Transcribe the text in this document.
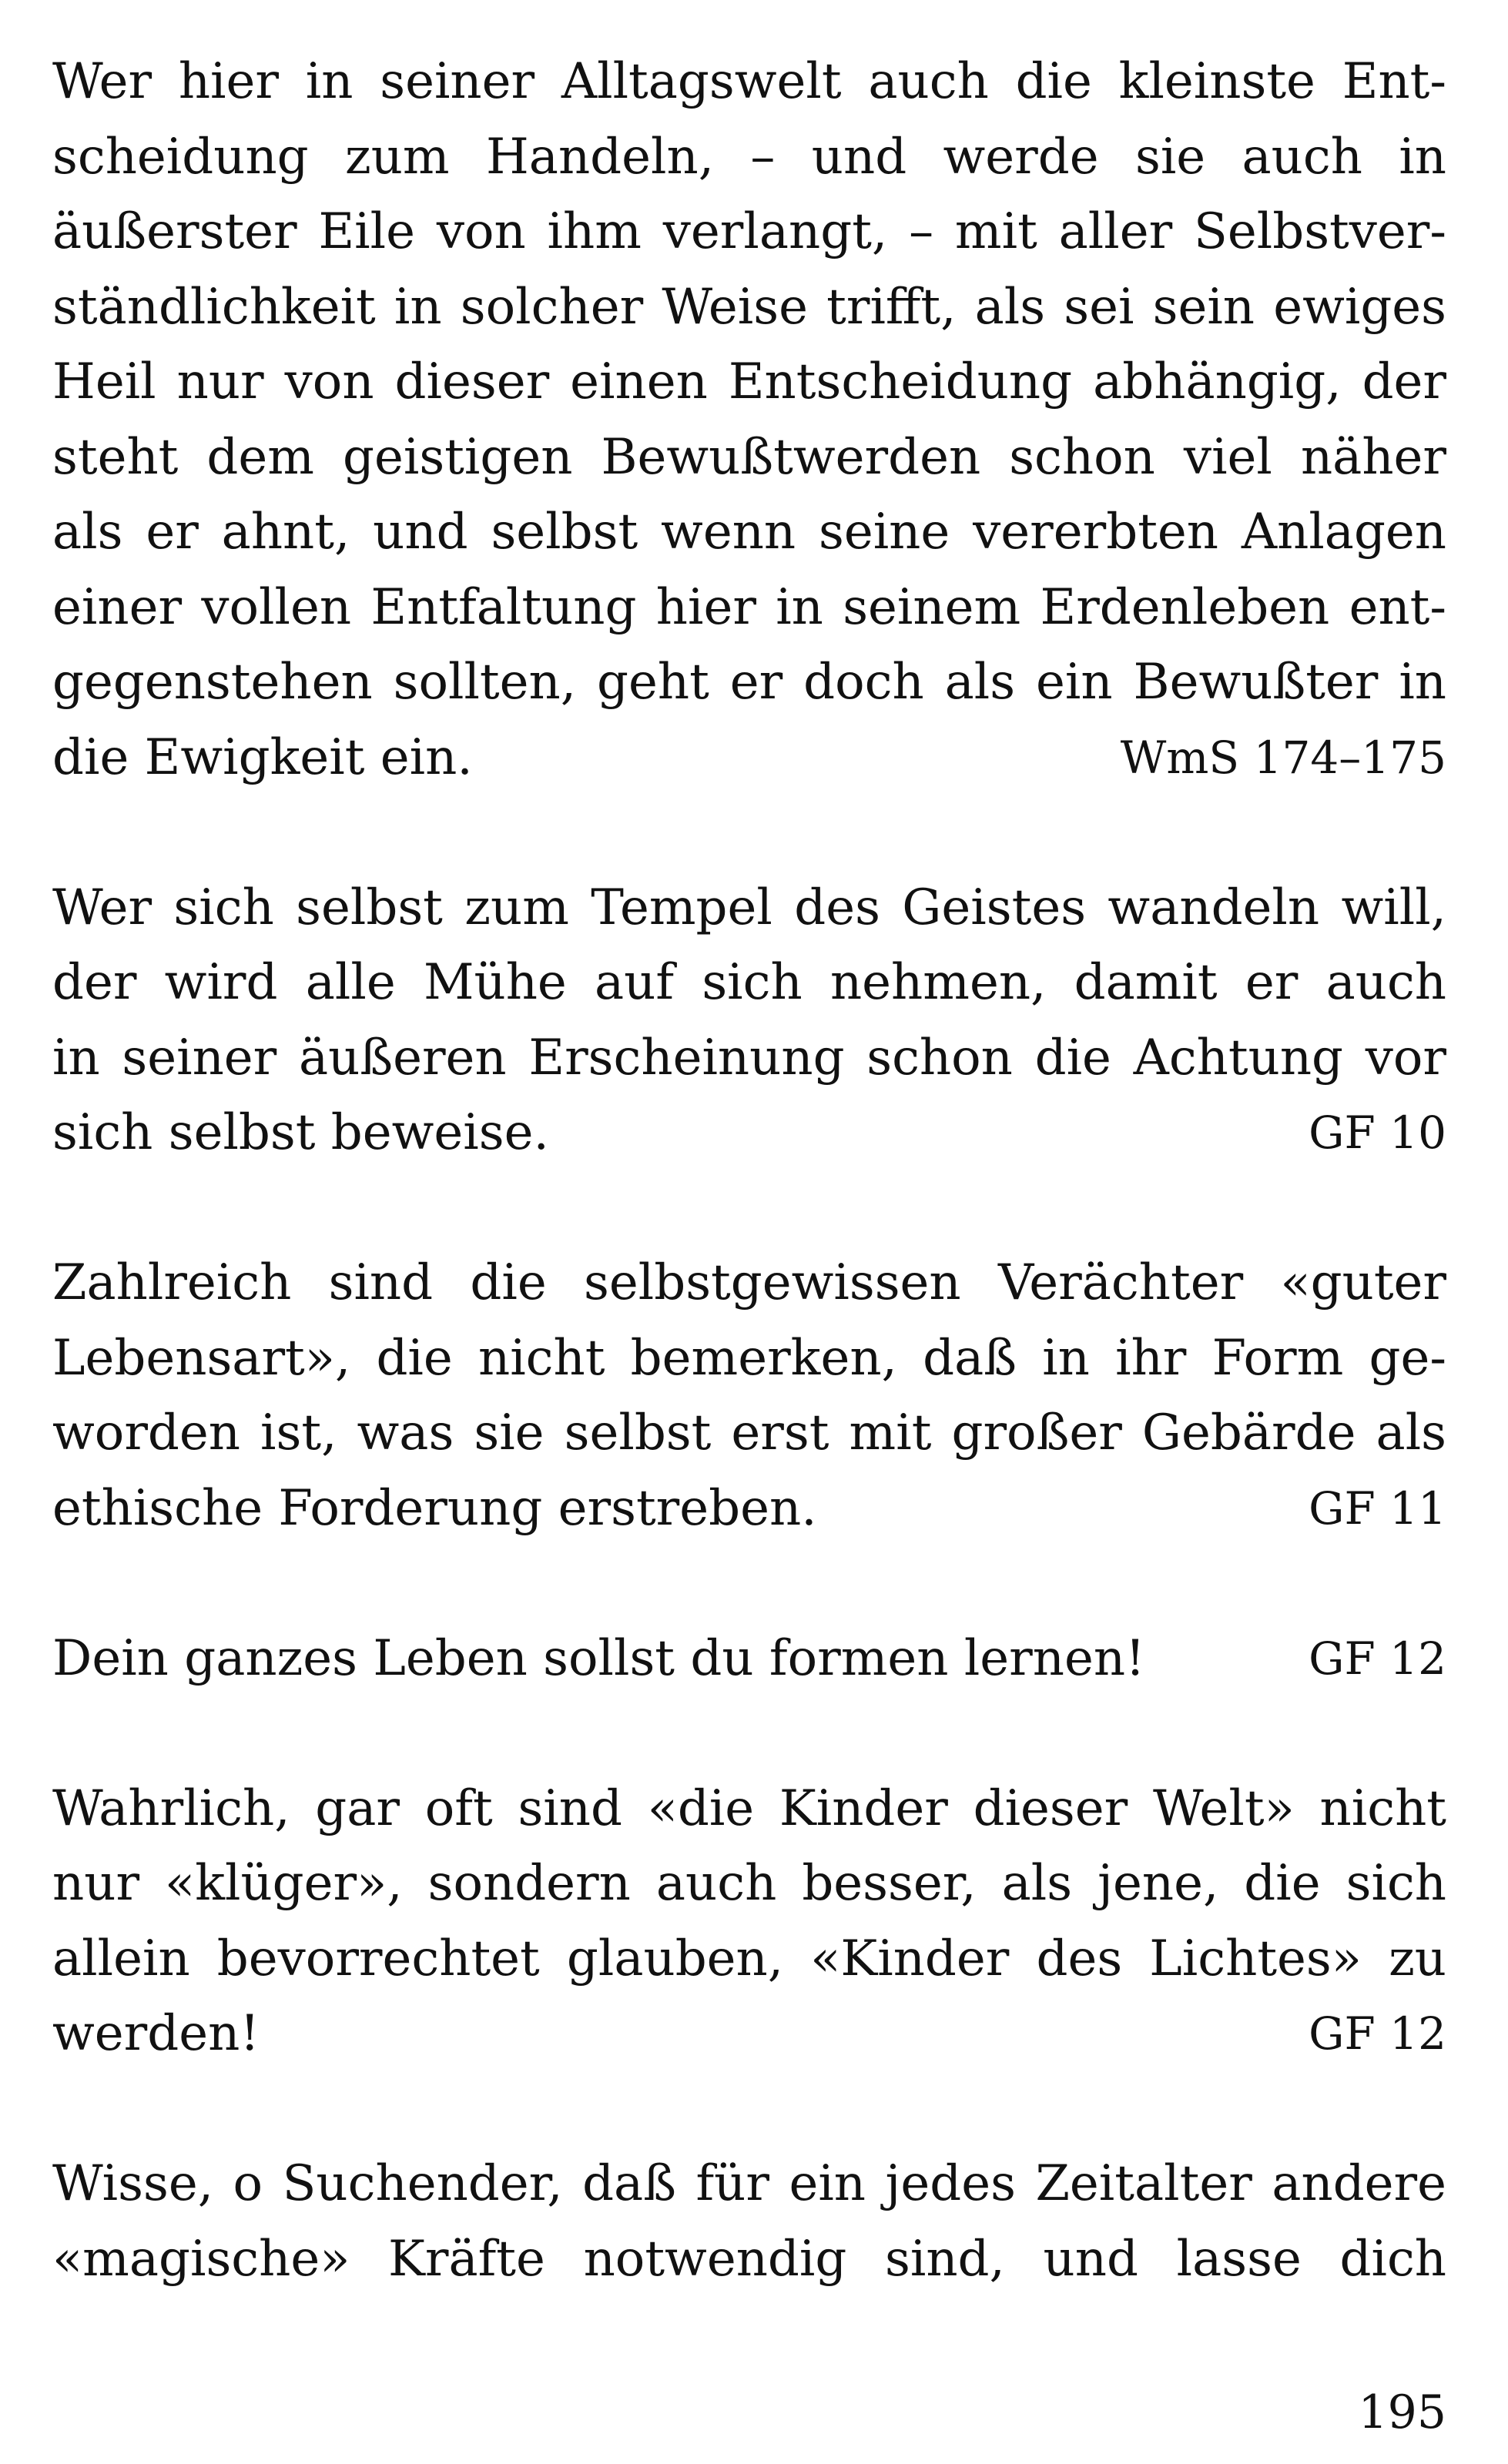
Wer hier in seiner Alltagswelt auch die kleinste Ent-
scheidung zum Handeln, – und werde sie auch in
äußerster Eile von ihm verlangt, – mit aller Selbstver-
ständlichkeit in solcher Weise trifft, als sei sein ewiges
Heil nur von dieser einen Entscheidung abhängig, der
steht dem geistigen Bewußtwerden schon viel näher
als er ahnt, und selbst wenn seine vererbten Anlagen
einer vollen Entfaltung hier in seinem Erdenleben ent-
gegenstehen sollten, geht er doch als ein Bewußter in
die Ewigkeit ein.	WmS 174–175
Wer sich selbst zum Tempel des Geistes wandeln will,
der wird alle Mühe auf sich nehmen, damit er auch
in seiner äußeren Erscheinung schon die Achtung vor
sich selbst beweise.	GF 10
Zahlreich sind die selbstgewissen Verächter «guter
Lebensart», die nicht bemerken, daß in ihr Form ge-
worden ist, was sie selbst erst mit großer Gebärde als
ethische Forderung erstreben.	GF 11
Dein ganzes Leben sollst du formen lernen!	GF 12
Wahrlich, gar oft sind «die Kinder dieser Welt» nicht
nur «klüger», sondern auch besser, als jene, die sich
allein bevorrechtet glauben, «Kinder des Lichtes» zu
werden!	GF 12
Wisse, o Suchender, daß für ein jedes Zeitalter andere
«magische» Kräfte notwendig sind, und lasse dich
195
